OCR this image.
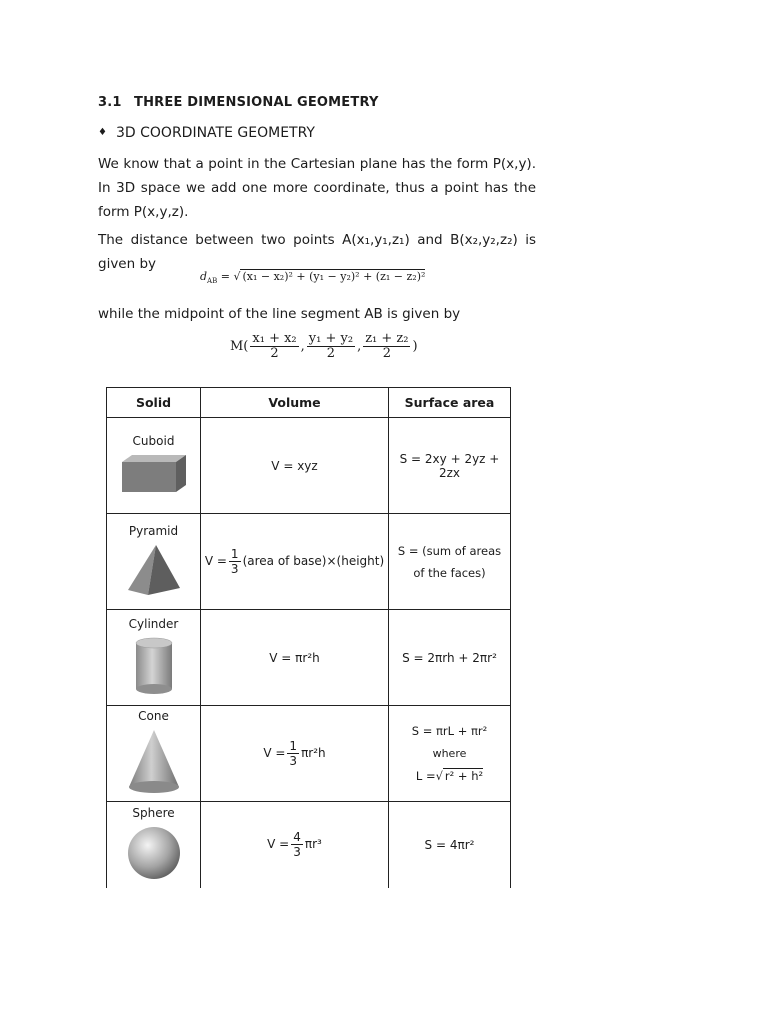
3.1 THREE DIMENSIONAL GEOMETRY
♦ 3D COORDINATE GEOMETRY
We know that a point in the Cartesian plane has the form P(x,y). In 3D space we add one more coordinate, thus a point has the form P(x,y,z).
The distance between two points A(x₁,y₁,z₁) and B(x₂,y₂,z₂) is given by
$d_{AB}$ = √ (x₁ − x₂)² + (y₁ − y₂)² + (z₁ − z₂)²
while the midpoint of the line segment AB is given by
$M( \frac{\text{x₁ + x₂}}{2}$ , $\frac{\text{y₁ + y₂}}{2}$ , $\frac{\text{z₁ + z₂}}{2}$ )
Solid	Volume	Surface area

Cuboid	V = xyz	S = 2xy + 2yz + 2zx

Pyramid	$V = \frac{1}{3}$ (area of base)×(height)	S = (sum of areas
of the faces)

Cylinder	V = πr²h	S = 2πrh + 2πr²

Cone	$V = \frac{1}{3} \pi r^2h$	S = πrL + πr²
where
L =√ r² + h²

Sphere	$V = \frac{4}{3} \pi r^3$	S = 4πr²
